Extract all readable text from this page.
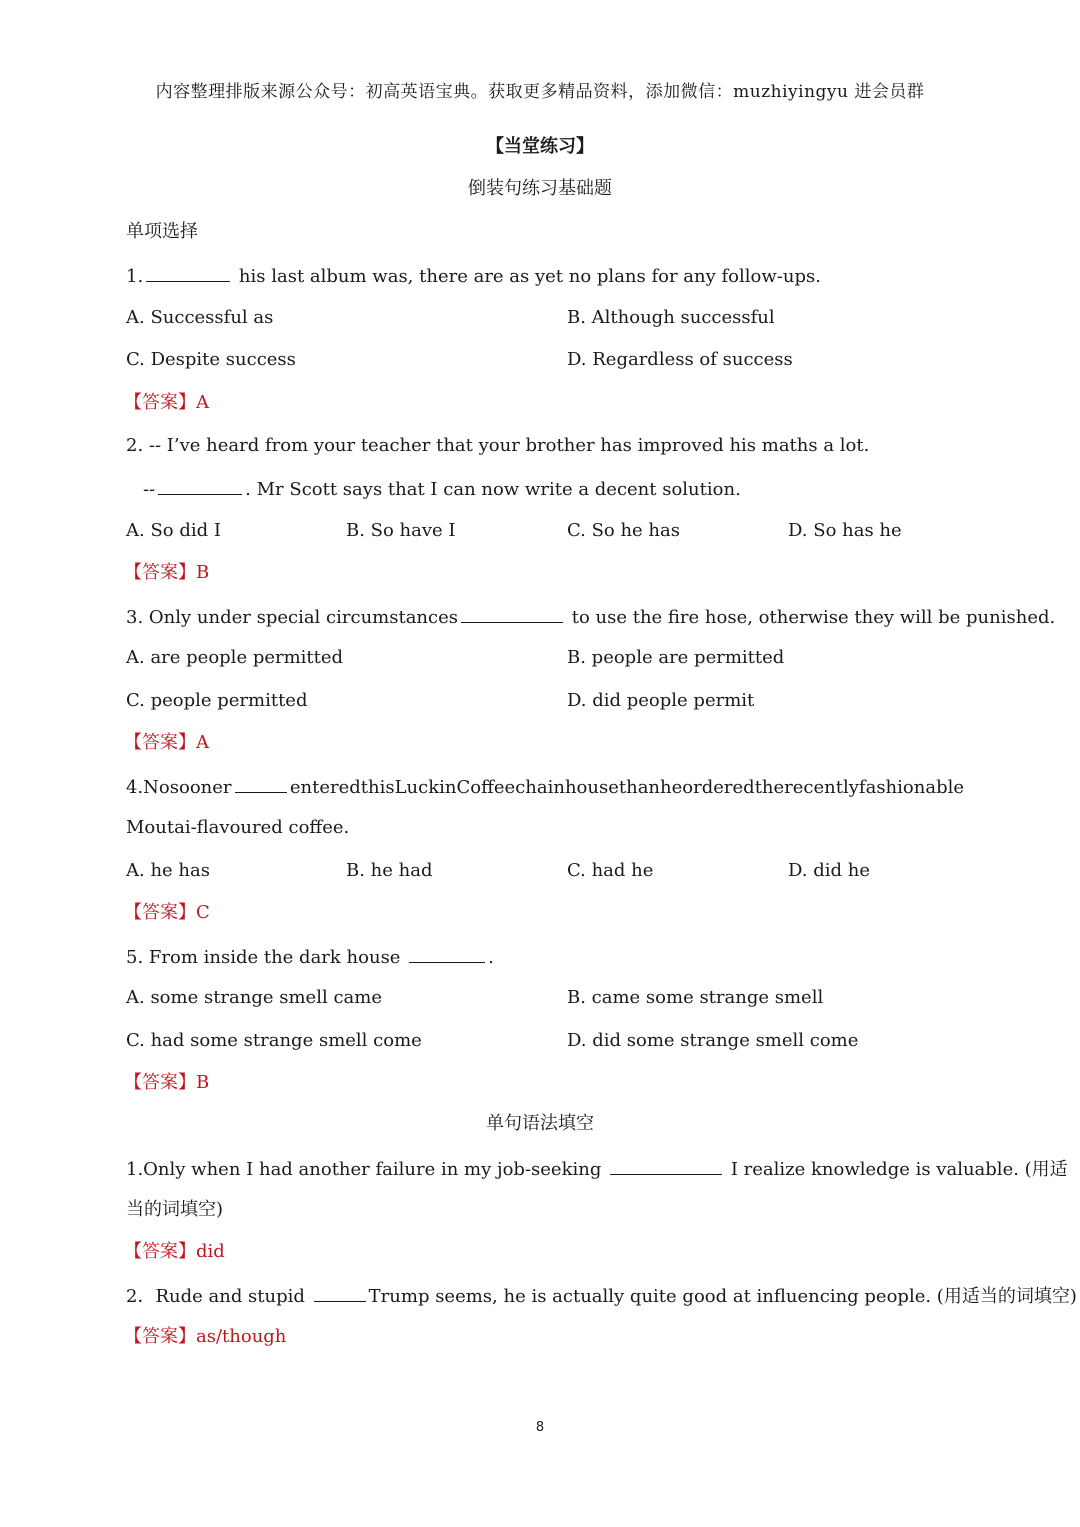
内容整理排版来源公众号：初高英语宝典。获取更多精品资料，添加微信：muzhiyingyu 进会员群
【当堂练习】
倒装句练习基础题
单项选择
1.	his last album was, there are as yet no plans for any follow-ups.
A. Successful as	B. Although successful
C. Despite success	D. Regardless of success
【答案】A
2. -- I’ve heard from your teacher that your brother has improved his maths a lot.
--	. Mr Scott says that I can now write a decent solution.
A. So did I	B. So have I	C. So he has	D. So has he
【答案】B
3. Only under special circumstances	to use the fire hose, otherwise they will be punished.
A. are people permitted	B. people are permitted
C. people permitted	D. did people permit
【答案】A
4.No sooner	entered this Luckin Coffee chain house than he ordered the recently fashionable
Moutai-flavoured coffee.
A. he has	B. he had	C. had he	D. did he
【答案】C
5. From inside the dark house	.
A. some strange smell came	B. came some strange smell
C. had some strange smell come	D. did some strange smell come
【答案】B
单句语法填空
1.Only when I had another failure in my job-seeking	I realize knowledge is valuable. (用适
当的词填空)
【答案】did
2．Rude and stupid	Trump seems, he is actually quite good at influencing people. (用适当的词填空)
【答案】as/though
8
